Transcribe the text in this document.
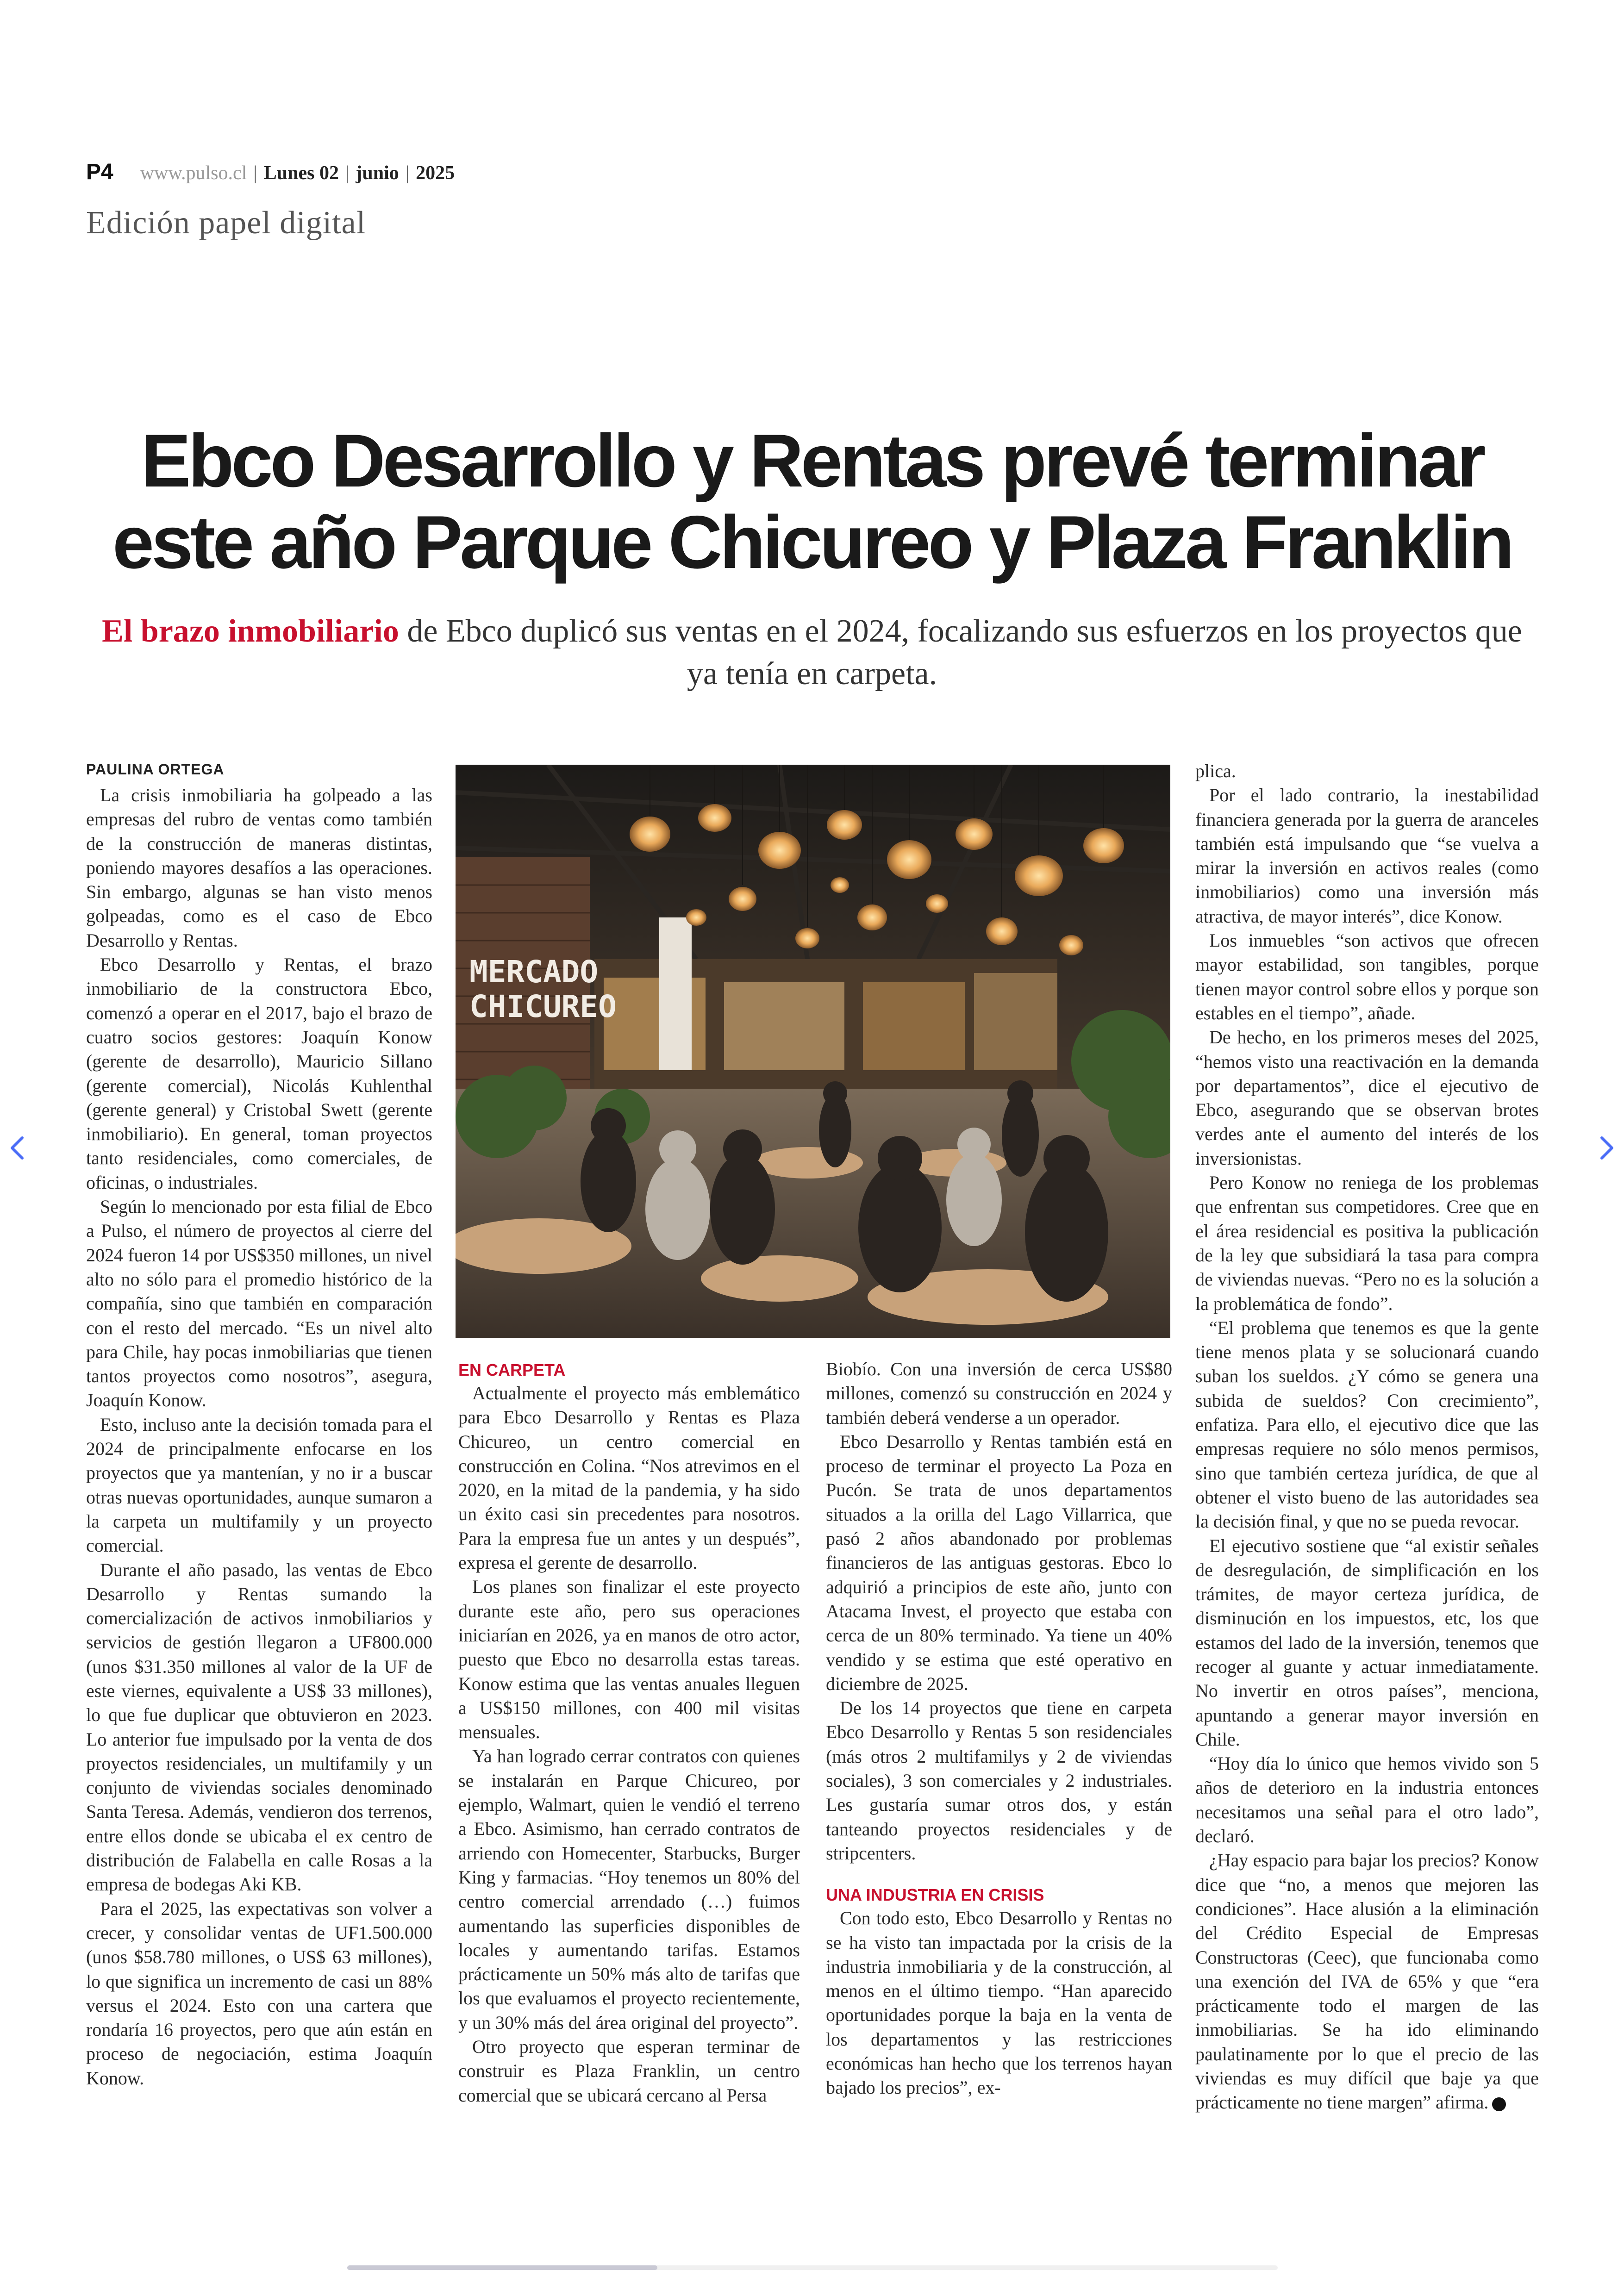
P4 www.pulso.cl | Lunes 02 | junio | 2025
Edición papel digital
Ebco Desarrollo y Rentas prevé terminar
este año Parque Chicureo y Plaza Franklin
El brazo inmobiliario de Ebco duplicó sus ventas en el 2024, focalizando sus esfuerzos en los proyectos que ya tenía en carpeta.
PAULINA ORTEGA

La crisis inmobiliaria ha golpeado a las empresas del rubro de ventas como también de la construcción de maneras distintas, poniendo mayores desafíos a las operaciones. Sin embargo, algunas se han visto menos golpeadas, como es el caso de Ebco Desarrollo y Rentas.

Ebco Desarrollo y Rentas, el brazo inmobiliario de la constructora Ebco, comenzó a operar en el 2017, bajo el brazo de cuatro socios gestores: Joaquín Konow (gerente de desarrollo), Mauricio Sillano (gerente comercial), Nicolás Kuhlenthal (gerente general) y Cristobal Swett (gerente inmobiliario). En general, toman proyectos tanto residenciales, como comerciales, de oficinas, o industriales.

Según lo mencionado por esta filial de Ebco a Pulso, el número de proyectos al cierre del 2024 fueron 14 por US$350 millones, un nivel alto no sólo para el promedio histórico de la compañía, sino que también en comparación con el resto del mercado. “Es un nivel alto para Chile, hay pocas inmobiliarias que tienen tantos proyectos como nosotros”, asegura, Joaquín Konow.

Esto, incluso ante la decisión tomada para el 2024 de principalmente enfocarse en los proyectos que ya mantenían, y no ir a buscar otras nuevas oportunidades, aunque sumaron a la carpeta un multifamily y un proyecto comercial.

Durante el año pasado, las ventas de Ebco Desarrollo y Rentas sumando la comercialización de activos inmobiliarios y servicios de gestión llegaron a UF800.000 (unos $31.350 millones al valor de la UF de este viernes, equivalente a US$ 33 millones), lo que fue duplicar que obtuvieron en 2023. Lo anterior fue impulsado por la venta de dos proyectos residenciales, un multifamily y un conjunto de viviendas sociales denominado Santa Teresa. Además, vendieron dos terrenos, entre ellos donde se ubicaba el ex centro de distribución de Falabella en calle Rosas a la empresa de bodegas Aki KB.

Para el 2025, las expectativas son volver a crecer, y consolidar ventas de UF1.500.000 (unos $58.780 millones, o US$ 63 millones), lo que significa un incremento de casi un 88% versus el 2024. Esto con una cartera que rondaría 16 proyectos, pero que aún están en proceso de negociación, estima Joaquín Konow.

MERCADO
CHICUREO
EN CARPETA

Actualmente el proyecto más emblemático para Ebco Desarrollo y Rentas es Plaza Chicureo, un centro comercial en construcción en Colina. “Nos atrevimos en el 2020, en la mitad de la pandemia, y ha sido un éxito casi sin precedentes para nosotros. Para la empresa fue un antes y un después”, expresa el gerente de desarrollo.

Los planes son finalizar el este proyecto durante este año, pero sus operaciones iniciarían en 2026, ya en manos de otro actor, puesto que Ebco no desarrolla estas tareas. Konow estima que las ventas anuales lleguen a US$150 millones, con 400 mil visitas mensuales.

Ya han logrado cerrar contratos con quienes se instalarán en Parque Chicureo, por ejemplo, Walmart, quien le vendió el terreno a Ebco. Asimismo, han cerrado contratos de arriendo con Homecenter, Starbucks, Burger King y farmacias. “Hoy tenemos un 80% del centro comercial arrendado (…) fuimos aumentando las superficies disponibles de locales y aumentando tarifas. Estamos prácticamente un 50% más alto de tarifas que los que evaluamos el proyecto recientemente, y un 30% más del área original del proyecto”.

Otro proyecto que esperan terminar de construir es Plaza Franklin, un centro comercial que se ubicará cercano al Persa

Biobío. Con una inversión de cerca US$80 millones, comenzó su construcción en 2024 y también deberá venderse a un operador.

Ebco Desarrollo y Rentas también está en proceso de terminar el proyecto La Poza en Pucón. Se trata de unos departamentos situados a la orilla del Lago Villarrica, que pasó 2 años abandonado por problemas financieros de las antiguas gestoras. Ebco lo adquirió a principios de este año, junto con Atacama Invest, el proyecto que estaba con cerca de un 80% terminado. Ya tiene un 40% vendido y se estima que esté operativo en diciembre de 2025.

De los 14 proyectos que tiene en carpeta Ebco Desarrollo y Rentas 5 son residenciales (más otros 2 multifamilys y 2 de viviendas sociales), 3 son comerciales y 2 industriales. Les gustaría sumar otros dos, y están tanteando proyectos residenciales y de stripcenters.

UNA INDUSTRIA EN CRISIS

Con todo esto, Ebco Desarrollo y Rentas no se ha visto tan impactada por la crisis de la industria inmobiliaria y de la construcción, al menos en el último tiempo. “Han aparecido oportunidades porque la baja en la venta de los departamentos y las restricciones económicas han hecho que los terrenos hayan bajado los precios”, ex-

plica.

Por el lado contrario, la inestabilidad financiera generada por la guerra de aranceles también está impulsando que “se vuelva a mirar la inversión en activos reales (como inmobiliarios) como una inversión más atractiva, de mayor interés”, dice Konow.

Los inmuebles “son activos que ofrecen mayor estabilidad, son tangibles, porque tienen mayor control sobre ellos y porque son estables en el tiempo”, añade.

De hecho, en los primeros meses del 2025, “hemos visto una reactivación en la demanda por departamentos”, dice el ejecutivo de Ebco, asegurando que se observan brotes verdes ante el aumento del interés de los inversionistas.

Pero Konow no reniega de los problemas que enfrentan sus competidores. Cree que en el área residencial es positiva la publicación de la ley que subsidiará la tasa para compra de viviendas nuevas. “Pero no es la solución a la problemática de fondo”.

“El problema que tenemos es que la gente tiene menos plata y se solucionará cuando suban los sueldos. ¿Y cómo se genera una subida de sueldos? Con crecimiento”, enfatiza. Para ello, el ejecutivo dice que las empresas requiere no sólo menos permisos, sino que también certeza jurídica, de que al obtener el visto bueno de las autoridades sea la decisión final, y que no se pueda revocar.

El ejecutivo sostiene que “al existir señales de desregulación, de simplificación en los trámites, de mayor certeza jurídica, de disminución en los impuestos, etc, los que estamos del lado de la inversión, tenemos que recoger al guante y actuar inmediatamente. No invertir en otros países”, menciona, apuntando a generar mayor inversión en Chile.

“Hoy día lo único que hemos vivido son 5 años de deterioro en la industria entonces necesitamos una señal para el otro lado”, declaró.

¿Hay espacio para bajar los precios? Konow dice que “no, a menos que mejoren las condiciones”. Hace alusión a la eliminación del Crédito Especial de Empresas Constructoras (Ceec), que funcionaba como una exención del IVA de 65% y que “era prácticamente todo el margen de las inmobiliarias. Se ha ido eliminando paulatinamente por lo que el precio de las viviendas es muy difícil que baje ya que prácticamente no tiene margen” afirma. P
